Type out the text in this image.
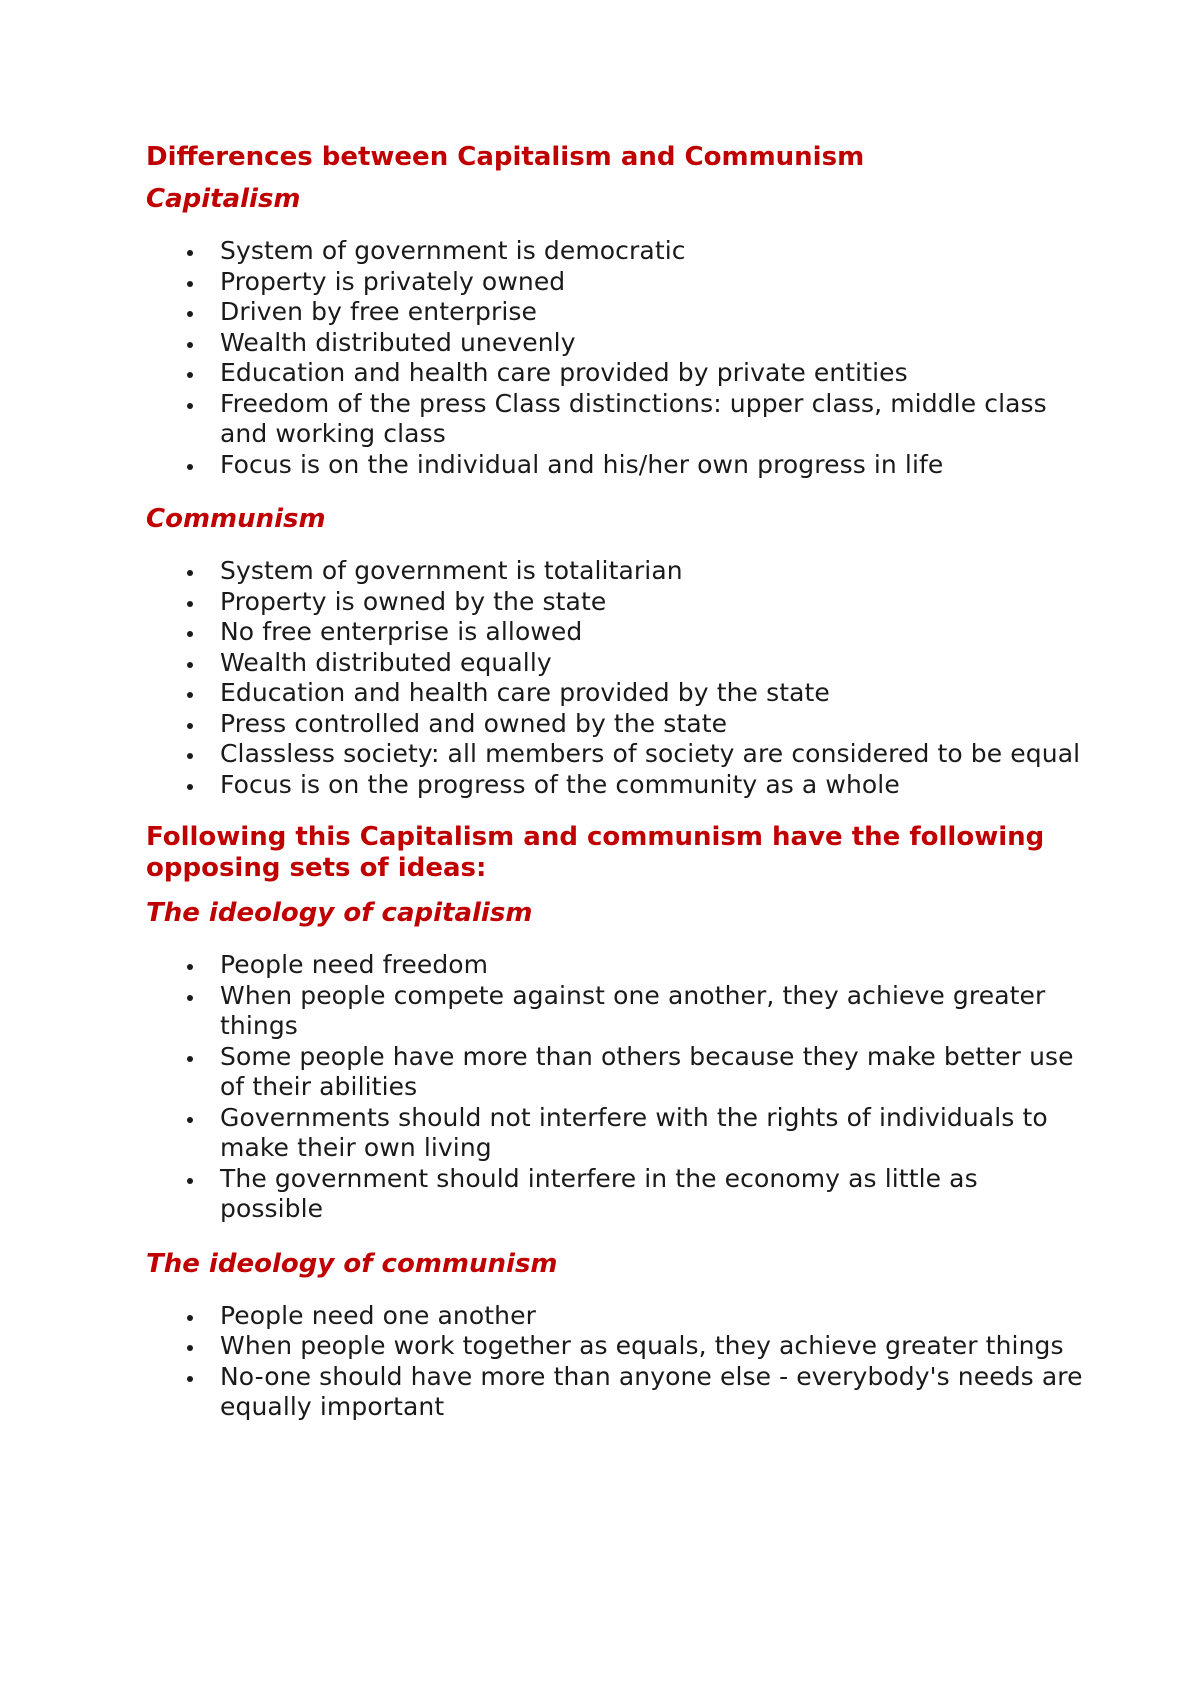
Differences between Capitalism and Communism
Capitalism
System of government is democratic
Property is privately owned
Driven by free enterprise
Wealth distributed unevenly
Education and health care provided by private entities
Freedom of the press Class distinctions: upper class, middle class and working class
Focus is on the individual and his/her own progress in life
Communism
System of government is totalitarian
Property is owned by the state
No free enterprise is allowed
Wealth distributed equally
Education and health care provided by the state
Press controlled and owned by the state
Classless society: all members of society are considered to be equal
Focus is on the progress of the community as a whole
Following this Capitalism and communism have the following opposing sets of ideas:
The ideology of capitalism
People need freedom
When people compete against one another, they achieve greater things
Some people have more than others because they make better use of their abilities
Governments should not interfere with the rights of individuals to make their own living
The government should interfere in the economy as little as possible
The ideology of communism
People need one another
When people work together as equals, they achieve greater things
No-one should have more than anyone else - everybody's needs are equally important
